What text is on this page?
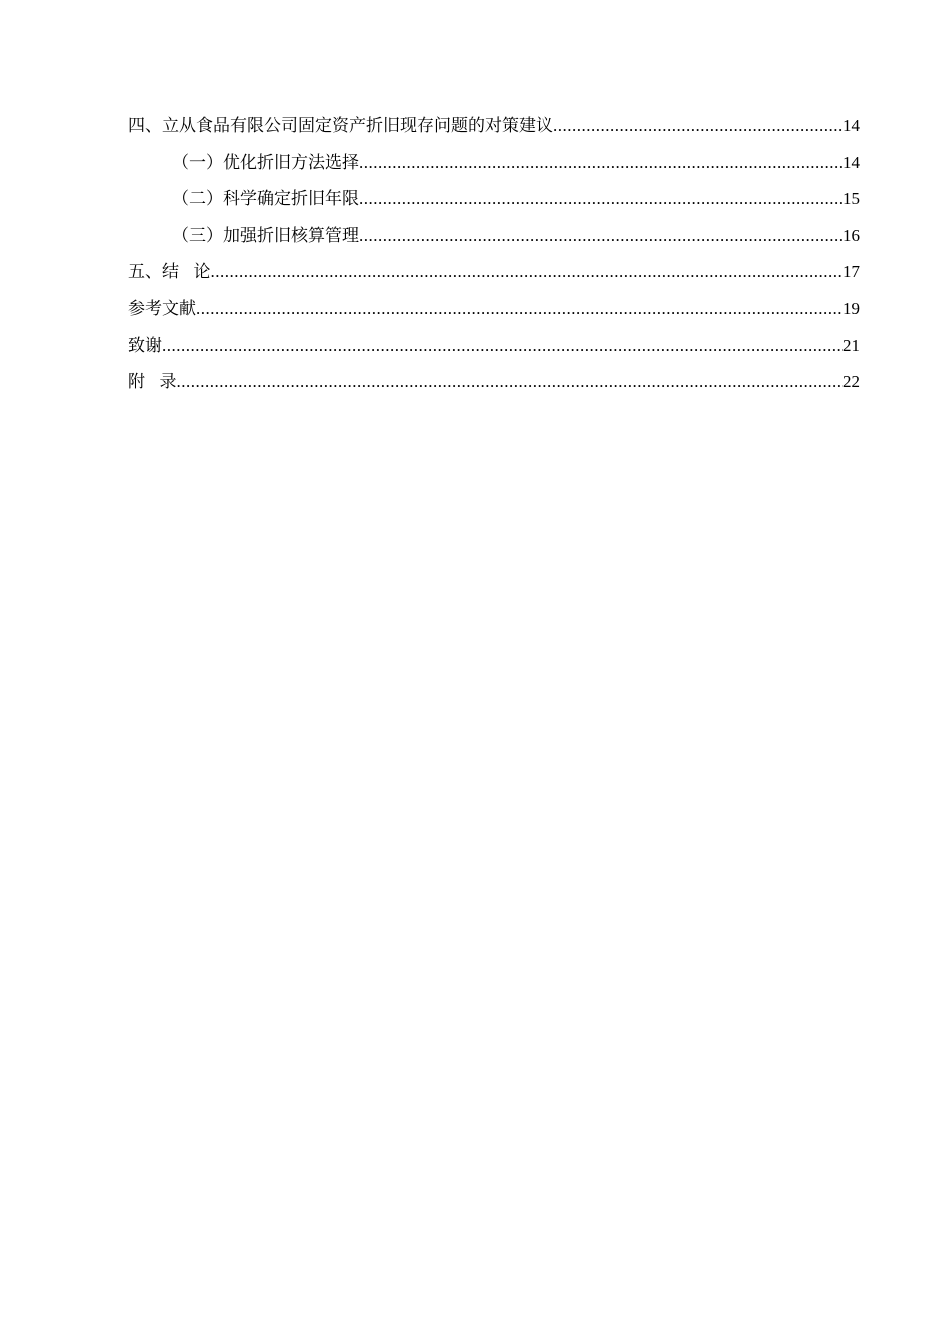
四、 立从食品有限公司固定资产折旧现存问题的对策建议 .....	14
（一） 优化折旧方法选择 .....	14
（二） 科学确定折旧年限 .....	15
（三） 加强折旧核算管理 .....	16
五、 结论 .....	17
参考文献 .....	19
致谢 .....	21
附录 .....	22
